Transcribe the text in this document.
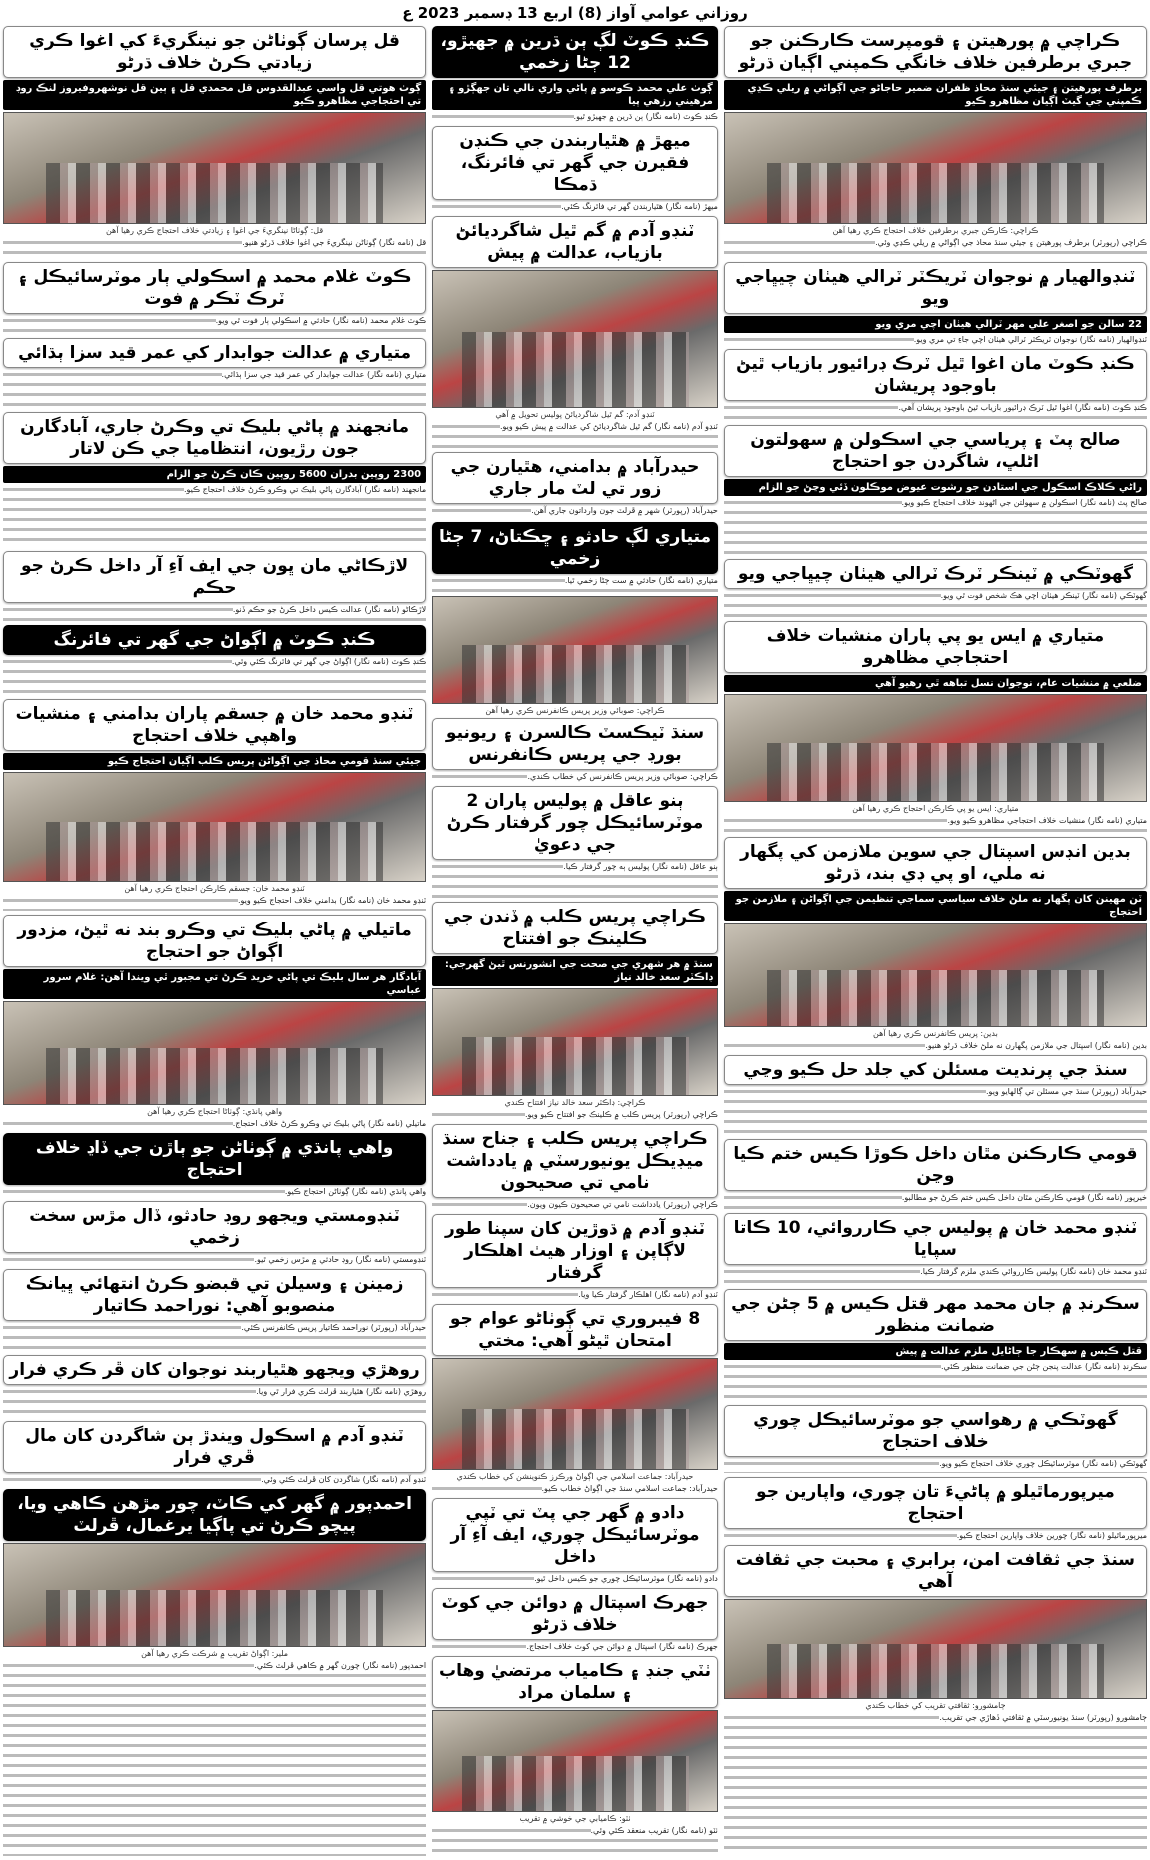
روزاني عوامي آواز (8) اربع 13 ڊسمبر 2023 ع
ڪراچي ۾ پورهيتن ۽ قومپرست ڪارڪنن جو جبري برطرفين خلاف خانگي ڪمپني اڳيان ڌرڻو
برطرف پورهيتن ۽ جيئي سنڌ محاذ ظفران ضمير حاجاڻو جي اڳواڻي ۾ ريلي ڪڍي ڪمپني جي گيٽ اڳيان مظاهرو ڪيو
ڪراچي: ڪارڪن جبري برطرفين خلاف احتجاج ڪري رهيا آهن
ڪراچي (رپورٽر) برطرف پورهيتن ۽ جيئي سنڌ محاذ جي اڳواڻي ۾ ريلي ڪڍي وئي.
ٽنڊوالهيار ۾ نوجوان ٽريڪٽر ٽرالي هيٺان چيڀاجي ويو
22 سالن جو اصغر علي مهر ٽرالي هيٺان اچي مري ويو
ٽنڊوالهيار (نامه نگار) نوجوان ٽريڪٽر ٽرالي هيٺان اچي جاءِ تي مري ويو.
ڪنڊ ڪوٽ مان اغوا ٿيل ٽرڪ ڊرائيور بازياب ٿيڻ باوجود پريشان
ڪنڊ ڪوٽ (نامه نگار) اغوا ٿيل ٽرڪ ڊرائيور بازياب ٿيڻ باوجود پريشان آهي.
صالح پٽ ۽ پرياسي جي اسڪولن ۾ سهولتون اڻلڀ، شاگردن جو احتجاج
راڻي ڪلاڪ اسڪول جي استادن جو رشوت عيوض موڪلون ڏئي وڃڻ جو الزام
صالح پٽ (نامه نگار) اسڪولن ۾ سهولتن جي اڻهوند خلاف احتجاج ڪيو ويو.
گهوٽڪي ۾ ٽينڪر ٽرڪ ٽرالي هيٺان چيڀاجي ويو
گهوٽڪي (نامه نگار) ٽينڪر هيٺان اچي هڪ شخص فوت ٿي ويو.
متياري ۾ ايس يو پي پاران منشيات خلاف احتجاجي مظاهرو
ضلعي ۾ منشيات عام، نوجوان نسل تباهه ٿي رهيو آهي
متياري: ايس يو پي ڪارڪن احتجاج ڪري رهيا آهن
متياري (نامه نگار) منشيات خلاف احتجاجي مظاهرو ڪيو ويو.
بدين انڊس اسپتال جي سوين ملازمن کي پگهار نه ملي، او پي ڊي بند، ڌرڻو
ٽن مهينن کان پگهار نه ملڻ خلاف سياسي سماجي تنظيمن جي اڳواڻن ۽ ملازمن جو احتجاج
بدين: پريس ڪانفرنس ڪري رهيا آهن
بدين (نامه نگار) اسپتال جي ملازمن پگهارن نه ملڻ خلاف ڌرڻو هنيو.
سنڌ جي پرنديت مسئلن کي جلد حل ڪيو وڃي
حيدرآباد (رپورٽر) سنڌ جي مسئلن تي ڳالهايو ويو.
قومي ڪارڪنن مٿان داخل ڪوڙا ڪيس ختم ڪيا وڃن
خيرپور (نامه نگار) قومي ڪارڪنن مٿان داخل ڪيس ختم ڪرڻ جو مطالبو.
ٽنڊو محمد خان ۾ پوليس جي ڪارروائي، 10 ڪاتا سپايا
ٽنڊو محمد خان (نامه نگار) پوليس ڪارروائي ڪندي ملزم گرفتار ڪيا.
سڪرنڊ ۾ جان محمد مهر قتل ڪيس ۾ 5 ڄڻن جي ضمانت منظور
قتل ڪيس ۾ سهڪار جا ڄاڻايل ملزم عدالت ۾ پيش
سڪرنڊ (نامه نگار) عدالت پنجن ڄڻن جي ضمانت منظور ڪئي.
گهوٽڪي ۾ رهواسي جو موٽرسائيڪل چوري خلاف احتجاج
گهوٽڪي (نامه نگار) موٽرسائيڪل چوري خلاف احتجاج ڪيو ويو.
ميرپورماٿيلو ۾ پاڻيءَ تان چوري، واپارين جو احتجاج
ميرپورماٿيلو (نامه نگار) چورين خلاف واپارين احتجاج ڪيو.
سنڌ جي ثقافت امن، برابري ۽ محبت جي ثقافت آهي
ڄامشورو: ثقافتي تقريب کي خطاب ڪندي
ڄامشورو (رپورٽر) سنڌ يونيورسٽي ۾ ثقافتي ڏهاڙي جي تقريب.
ڪنڊ ڪوٽ لڳ ٻن ڌرين ۾ جهيڙو، 12 ڄڻا زخمي
ڳوٺ علي محمد ڪوسو ۾ پاڻي واري نالي تان جهڳڙو ۽ مرهيني رزهي پيا
ڪنڊ ڪوٽ (نامه نگار) ٻن ڌرين ۾ جهيڙو ٿيو.
ميهڙ ۾ هٿياربندن جي ڪنڊن فقيرن جي گهر تي فائرنگ، ڌمڪا
ميهڙ (نامه نگار) هٿياربندن گهر تي فائرنگ ڪئي.
ٽنڊو آدم ۾ گم ٿيل شاگرديائڻ بازياب، عدالت ۾ پيش
ٽنڊو آدم: گم ٿيل شاگرديائڻ پوليس تحويل ۾ آهي
ٽنڊو آدم (نامه نگار) گم ٿيل شاگرديائڻ کي عدالت ۾ پيش ڪيو ويو.
حيدرآباد ۾ بدامني، هٿيارن جي زور تي لٽ مار جاري
حيدرآباد (رپورٽر) شهر ۾ ڦرلٽ جون وارداتون جاري آهن.
متياري لڳ حادثو ۽ ڇڪتاڻ، 7 ڄڻا زخمي
متياري (نامه نگار) حادثي ۾ ست ڄڻا زخمي ٿيا.
ڪراچي: صوبائي وزير پريس ڪانفرنس ڪري رهيا آهن
سنڌ ٽيڪسٽ ڪالسرن ۽ ريونيو بورڊ جي پريس ڪانفرنس
ڪراچي: صوبائي وزير پريس ڪانفرنس کي خطاب ڪندي.
ٻنو عاقل ۾ پوليس پاران 2 موٽرسائيڪل چور گرفتار ڪرڻ جي دعويٰ
ٻنو عاقل (نامه نگار) پوليس ٻه چور گرفتار ڪيا.
ڪراچي پريس ڪلب ۾ ڏندن جي ڪلينڪ جو افتتاح
سنڌ ۾ هر شهري جي صحت جي انشورنس ٿيڻ گهرجي: ڊاڪٽر سعد خالد نياز
ڪراچي: ڊاڪٽر سعد خالد نياز افتتاح ڪندي
ڪراچي (رپورٽر) پريس ڪلب ۾ ڪلينڪ جو افتتاح ڪيو ويو.
ڪراچي پريس ڪلب ۽ جناح سنڌ ميڊيڪل يونيورسٽي ۾ يادداشت نامي تي صحيحون
ڪراچي (رپورٽر) يادداشت نامي تي صحيحون ڪيون ويون.
ٽنڊو آدم ۾ ڌوڙين کان سپنا طور لاڳاپن ۽ اوزار هيٺ اهلڪار گرفتار
ٽنڊو آدم (نامه نگار) اهلڪار گرفتار ڪيا ويا.
8 فيبروري تي ڳوٺاڻو عوام جو امتحان ٿيڻو آهي: مختي
حيدرآباد: جماعت اسلامي جي اڳواڻ ورڪرز ڪنوينشن کي خطاب ڪندي
حيدرآباد: جماعت اسلامي سنڌ جي اڳواڻ خطاب ڪيو.
دادو ۾ گهر جي پٽ تي ٽپي موٽرسائيڪل چوري، ايف آءِ آر داخل
دادو (نامه نگار) موٽرسائيڪل چوري جو ڪيس داخل ٿيو.
جهرڪ اسپتال ۾ دوائن جي کوٽ خلاف ڌرڻو
جهرڪ (نامه نگار) اسپتال ۾ دوائن جي کوٽ خلاف احتجاج.
ٺٽي جنڊ ۽ ڪامياب مرتضيٰ وهاب ۽ سلمان مراد
ٺٽو: ڪاميابي جي خوشي ۾ تقريب
ٺٽو (نامه نگار) تقريب منعقد ڪئي وئي.
قل پرسان ڳوٺاڻن جو نينگريءَ کي اغوا ڪري زيادتي ڪرڻ خلاف ڌرڻو
ڳوٺ هوتي قل واسي عبدالقدوس قل محمدي قل ۽ ٻين قل نوشهروفيروز لنڪ روڊ تي احتجاجي مظاهرو ڪيو
قل: ڳوٺاڻا نينگريءَ جي اغوا ۽ زيادتي خلاف احتجاج ڪري رهيا آهن
قل (نامه نگار) ڳوٺاڻن نينگريءَ جي اغوا خلاف ڌرڻو هنيو.
ڪوٽ غلام محمد ۾ اسڪولي ٻار موٽرسائيڪل ۽ ٽرڪ ٽڪر ۾ فوت
ڪوٽ غلام محمد (نامه نگار) حادثي ۾ اسڪولي ٻار فوت ٿي ويو.
متياري ۾ عدالت جوابدار کي عمر قيد سزا ٻڌائي
متياري (نامه نگار) عدالت جوابدار کي عمر قيد جي سزا ٻڌائي.
مانجهند ۾ پاڻي بليڪ تي وڪرڻ جاري، آبادگارن جون رڙيون، انتظاميا جي ڪن لاتار
2300 روپين بدران 5600 روپين ڪان ڪرڻ جو الزام
مانجهند (نامه نگار) آبادگارن پاڻي بليڪ تي وڪرو ڪرڻ خلاف احتجاج ڪيو.
لاڙڪاڻي مان ڀون جي ايف آءِ آر داخل ڪرڻ جو حڪم
لاڙڪاڻو (نامه نگار) عدالت ڪيس داخل ڪرڻ جو حڪم ڏنو.
ڪنڊ ڪوٽ ۾ اڳواڻ جي گهر تي فائرنگ
ڪنڊ ڪوٽ (نامه نگار) اڳواڻ جي گهر تي فائرنگ ڪئي وئي.
ٽنڊو محمد خان ۾ جسقم پاران بدامني ۽ منشيات واهپي خلاف احتجاج
جيئي سنڌ قومي محاذ جي اڳواڻن پريس ڪلب اڳيان احتجاج ڪيو
ٽنڊو محمد خان: جسقم ڪارڪن احتجاج ڪري رهيا آهن
ٽنڊو محمد خان (نامه نگار) بدامني خلاف احتجاج ڪيو ويو.
ماتيلي ۾ پاڻي بليڪ تي وڪرو بند نه ٿيڻ، مزدور اڳواڻ جو احتجاج
آبادگار هر سال بليڪ تي پاڻي خريد ڪرڻ تي مجبور ٿي ويندا آهن: غلام سرور عباسي
واهي پانڌي: ڳوٺاڻا احتجاج ڪري رهيا آهن
ماتيلي (نامه نگار) پاڻي بليڪ تي وڪرو ڪرڻ خلاف احتجاج.
واهي پانڌي ۾ ڳوٺاڻن جو ٻاڙن جي ڏاڍ خلاف احتجاج
واهي پانڌي (نامه نگار) ڳوٺاڻن احتجاج ڪيو.
ٽنڊومستي ويجهو روڊ حادثو، ڏال مڙس سخت زخمي
ٽنڊومستي (نامه نگار) روڊ حادثي ۾ مڙس زخمي ٿيو.
زمينن ۽ وسيلن تي قبضو ڪرڻ انتهائي ڀيانڪ منصوبو آهي: نوراحمد ڪاتيار
حيدرآباد (رپورٽر) نوراحمد ڪاتيار پريس ڪانفرنس ڪئي.
روهڙي ويجهو هٿياربند نوجوان کان ڦر ڪري فرار
روهڙي (نامه نگار) هٿياربند ڦرلٽ ڪري فرار ٿي ويا.
ٽنڊو آدم ۾ اسڪول ويندڙ ٻن شاگردن کان مال ڦري فرار
ٽنڊو آدم (نامه نگار) شاگردن کان ڦرلٽ ڪئي وئي.
احمدپور ۾ گهر کي ڪاٽ، چور مڙهن ڪاهي ويا، پيچو ڪرڻ تي پاڳيا يرغمال، ڦرلٽ
ملير: اڳواڻ تقريب ۾ شرڪت ڪري رهيا آهن
احمدپور (نامه نگار) چورن گهر ۾ ڪاهي ڦرلٽ ڪئي.
